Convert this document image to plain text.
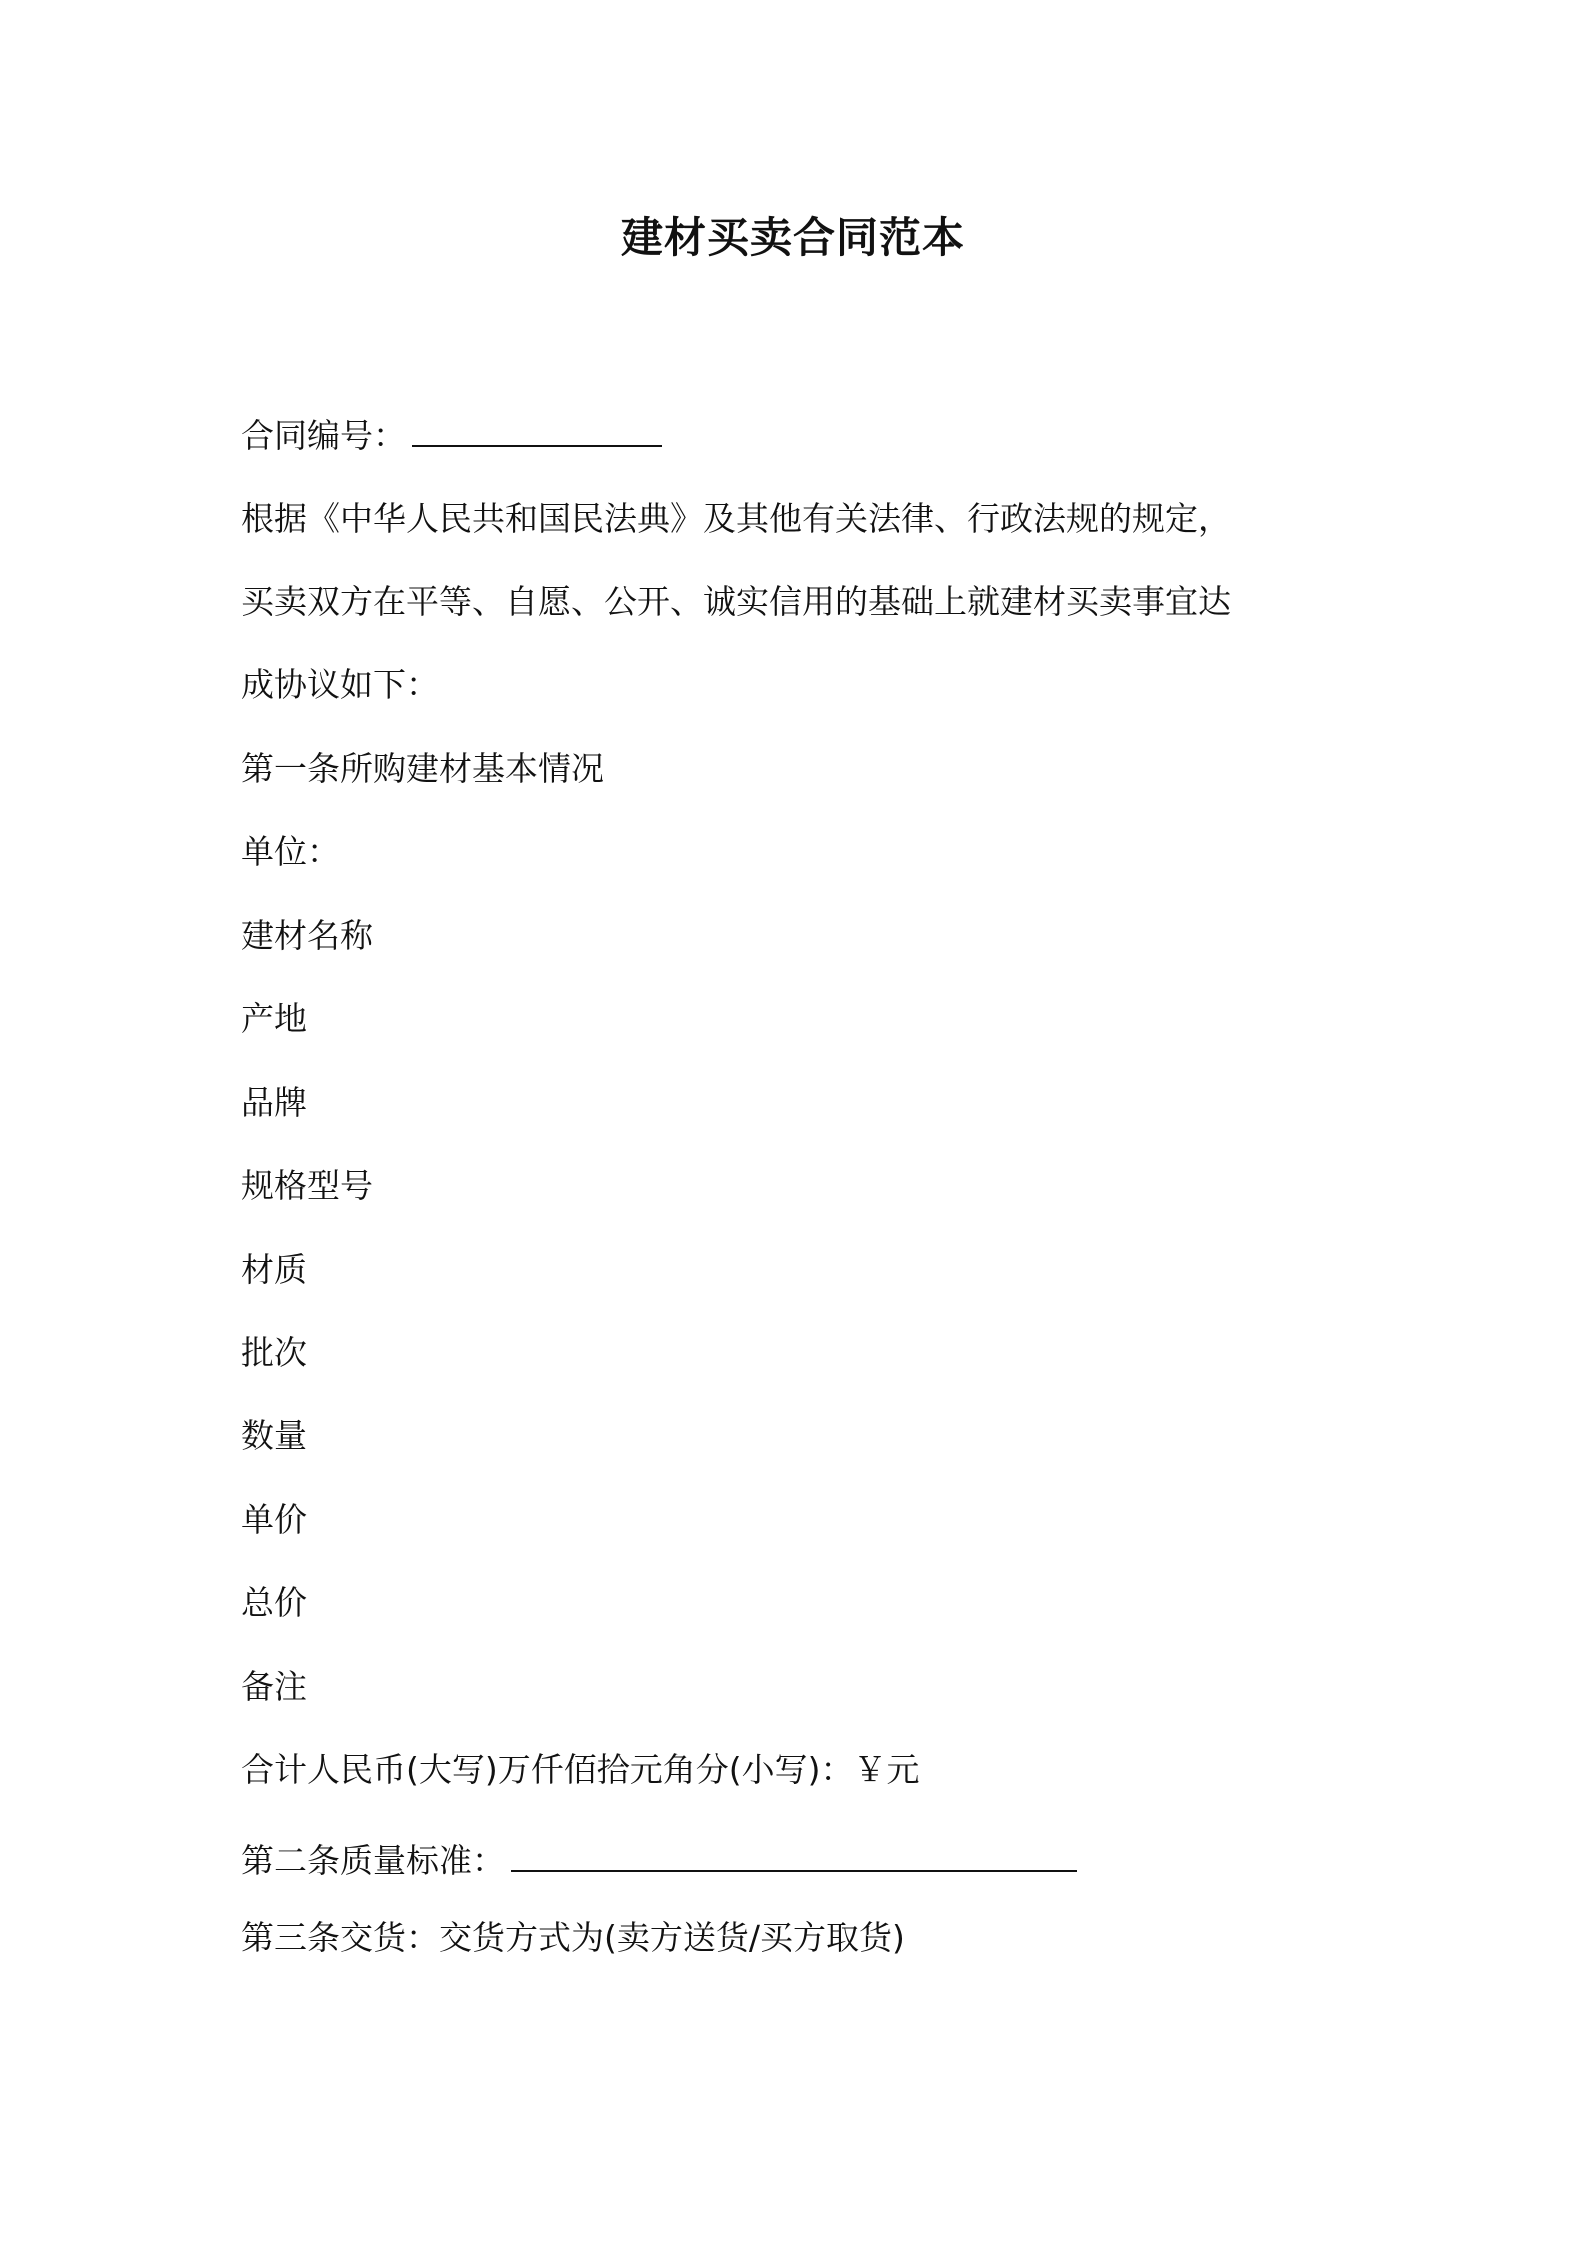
建材买卖合同范本
合同编号：
根据《中华人民共和国民法典》及其他有关法律、行政法规的规定，
买卖双方在平等、自愿、公开、诚实信用的基础上就建材买卖事宜达
成协议如下：
第一条所购建材基本情况
单位：
建材名称
产地
品牌
规格型号
材质
批次
数量
单价
总价
备注
合计人民币(大写)万仟佰拾元角分(小写)：￥元
第二条质量标准：
第三条交货：交货方式为(卖方送货/买方取货)
